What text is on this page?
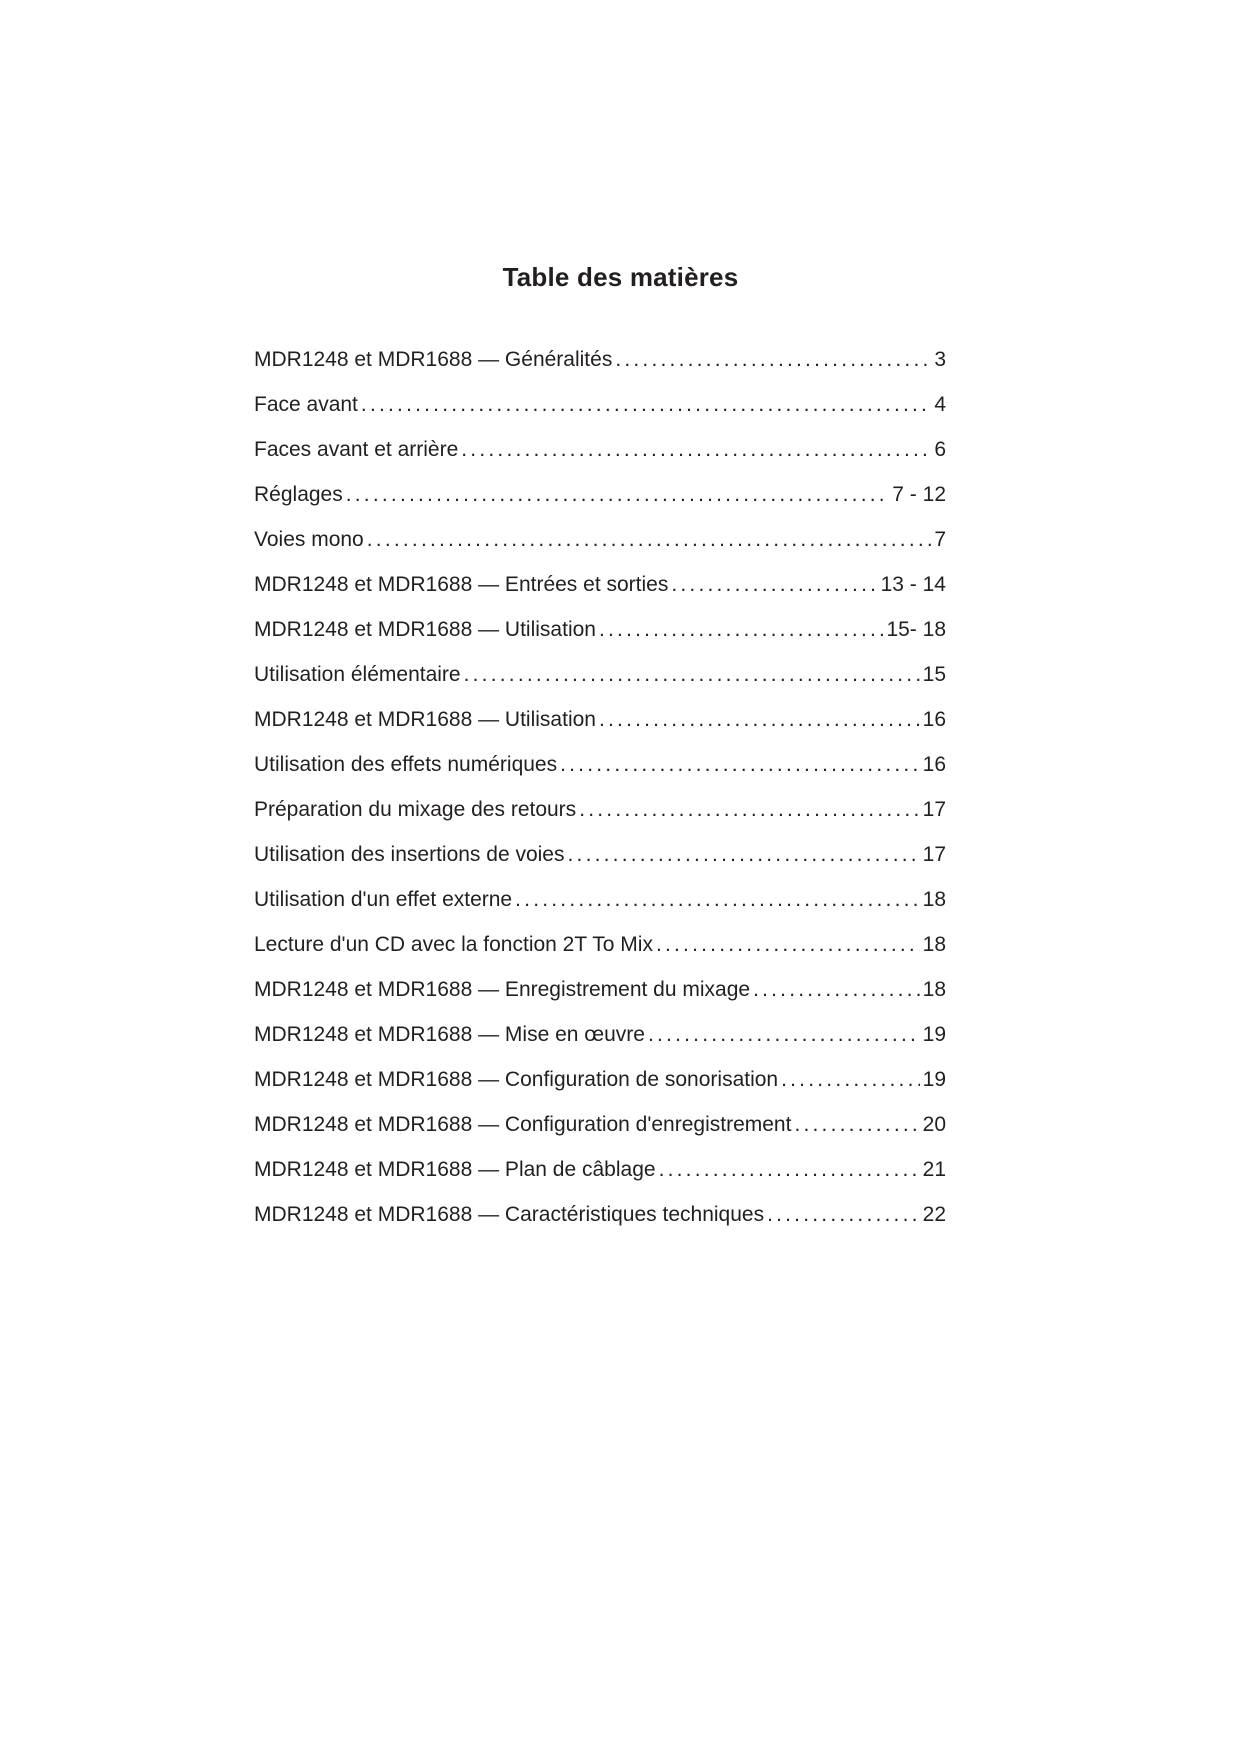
Table des matières
MDR1248 et MDR1688 — Généralités .....	3
Face avant .....	4
Faces avant et arrière .....	6
Réglages .....	7 - 12
Voies mono .....	7
MDR1248 et MDR1688 — Entrées et sorties .....	13 - 14
MDR1248 et MDR1688 — Utilisation .....	15- 18
Utilisation élémentaire .....	15
MDR1248 et MDR1688 — Utilisation .....	16
Utilisation des effets numériques .....	16
Préparation du mixage des retours .....	17
Utilisation des insertions de voies .....	17
Utilisation d'un effet externe .....	18
Lecture d'un CD avec la fonction 2T To Mix .....	18
MDR1248 et MDR1688 — Enregistrement du mixage .....	18
MDR1248 et MDR1688 — Mise en œuvre .....	19
MDR1248 et MDR1688 — Configuration de sonorisation .....	19
MDR1248 et MDR1688 — Configuration d'enregistrement .....	20
MDR1248 et MDR1688 — Plan de câblage .....	21
MDR1248 et MDR1688 — Caractéristiques techniques .....	22
